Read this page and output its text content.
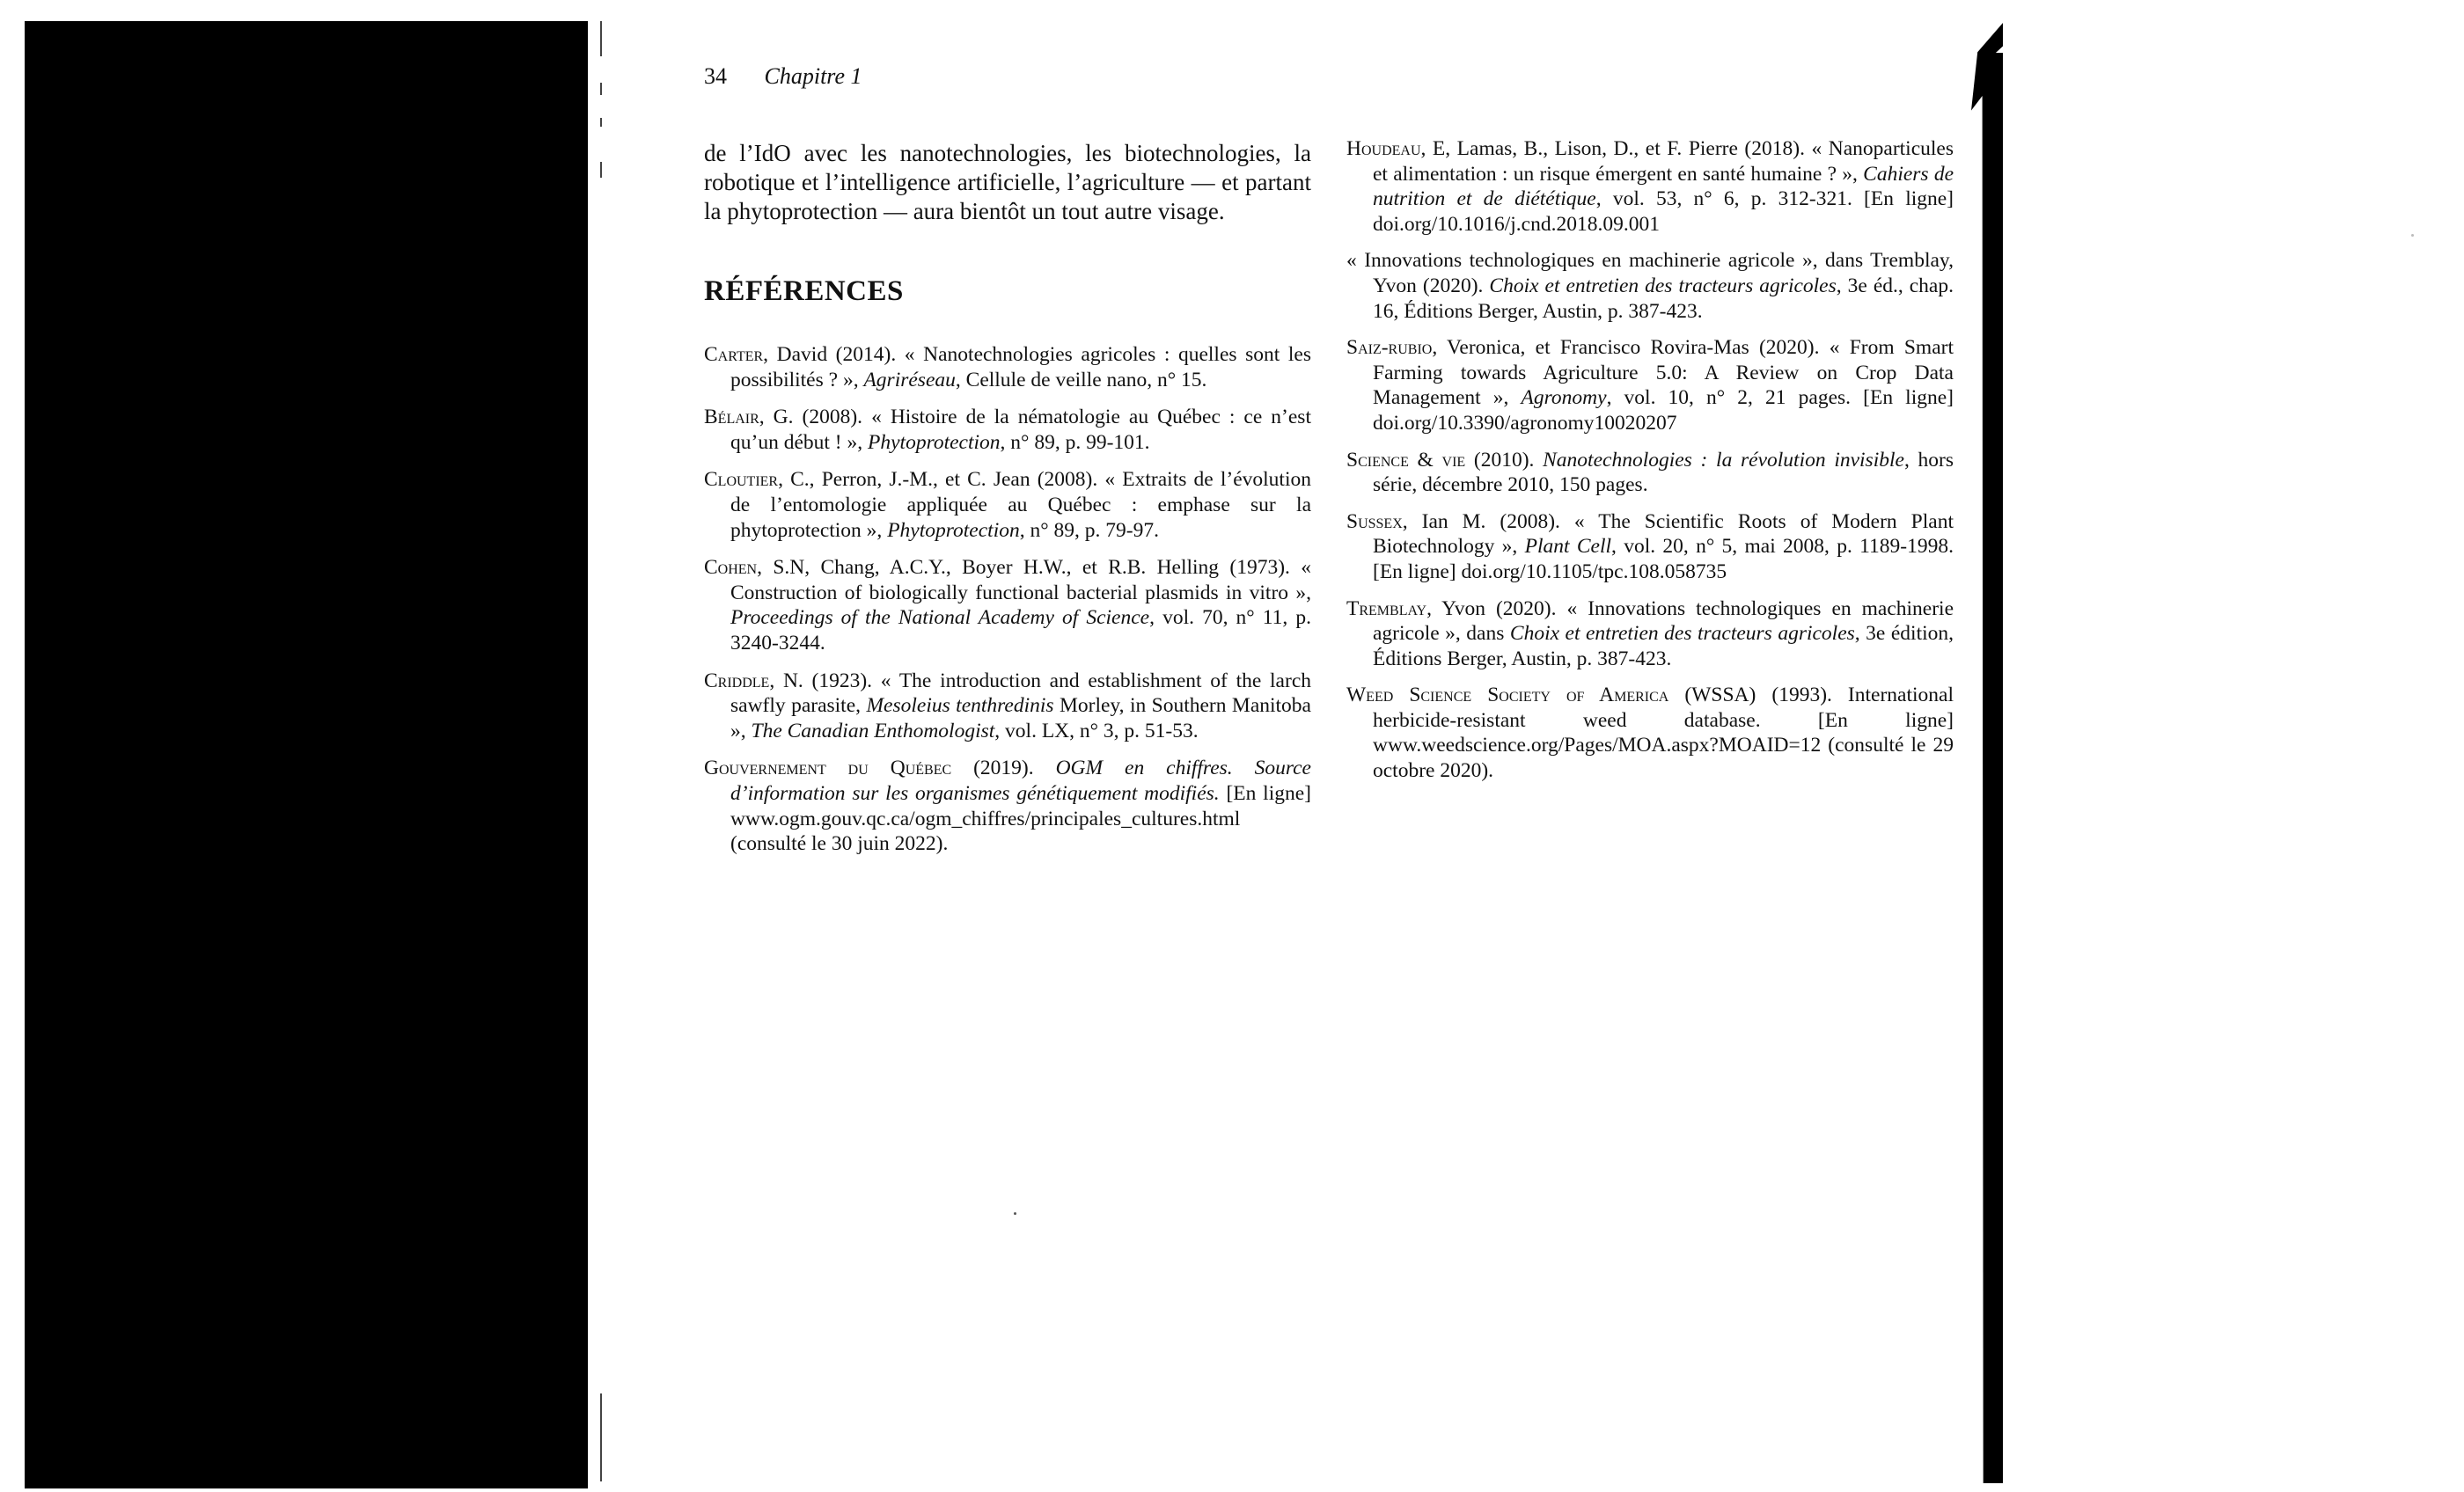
34 Chapitre 1

de l’IdO avec les nanotechnologies, les biotechnologies, la robotique et l’intelligence artificielle, l’agriculture — et partant la phytoprotection — aura bientôt un tout autre visage.

RÉFÉRENCES

Carter, David (2014). « Nanotechnologies agricoles : quelles sont les possibilités ? », Agriréseau, Cellule de veille nano, n° 15.

Bélair, G. (2008). « Histoire de la nématologie au Québec : ce n’est qu’un début ! », Phytoprotection, n° 89, p. 99-101.

Cloutier, C., Perron, J.-M., et C. Jean (2008). « Extraits de l’évolution de l’entomologie appliquée au Québec : emphase sur la phytoprotection », Phytoprotection, n° 89, p. 79-97.

Cohen, S.N, Chang, A.C.Y., Boyer H.W., et R.B. Helling (1973). « Construction of biologically functional bacterial plasmids in vitro », Proceedings of the National Academy of Science, vol. 70, n° 11, p. 3240-3244.

Criddle, N. (1923). « The introduction and establishment of the larch sawfly parasite, Mesoleius tenthredinis Morley, in Southern Manitoba », The Canadian Enthomologist, vol. LX, n° 3, p. 51-53.

Gouvernement du Québec (2019). OGM en chiffres. Source d’information sur les organismes génétiquement modifiés. [En ligne] www.ogm.gouv.qc.ca/ogm_chiffres/principales_cultures.html (consulté le 30 juin 2022).

Houdeau, E, Lamas, B., Lison, D., et F. Pierre (2018). « Nanoparticules et alimentation : un risque émergent en santé humaine ? », Cahiers de nutrition et de diététique, vol. 53, n° 6, p. 312-321. [En ligne] doi.org/10.1016/j.cnd.2018.09.001

« Innovations technologiques en machinerie agricole », dans Tremblay, Yvon (2020). Choix et entretien des tracteurs agricoles, 3e éd., chap. 16, Éditions Berger, Austin, p. 387-423.

Saiz-rubio, Veronica, et Francisco Rovira-Mas (2020). « From Smart Farming towards Agriculture 5.0: A Review on Crop Data Management », Agronomy, vol. 10, n° 2, 21 pages. [En ligne] doi.org/10.3390/agronomy10020207

Science & vie (2010). Nanotechnologies : la révolution invisible, hors série, décembre 2010, 150 pages.

Sussex, Ian M. (2008). « The Scientific Roots of Modern Plant Biotechnology », Plant Cell, vol. 20, n° 5, mai 2008, p. 1189-1998. [En ligne] doi.org/10.1105/tpc.108.058735

Tremblay, Yvon (2020). « Innovations technologiques en machinerie agricole », dans Choix et entretien des tracteurs agricoles, 3e édition, Éditions Berger, Austin, p. 387-423.

Weed Science Society of America (WSSA) (1993). International herbicide-resistant weed database. [En ligne] www.weedscience.org/Pages/MOA.aspx?MOAID=12 (consulté le 29 octobre 2020).
